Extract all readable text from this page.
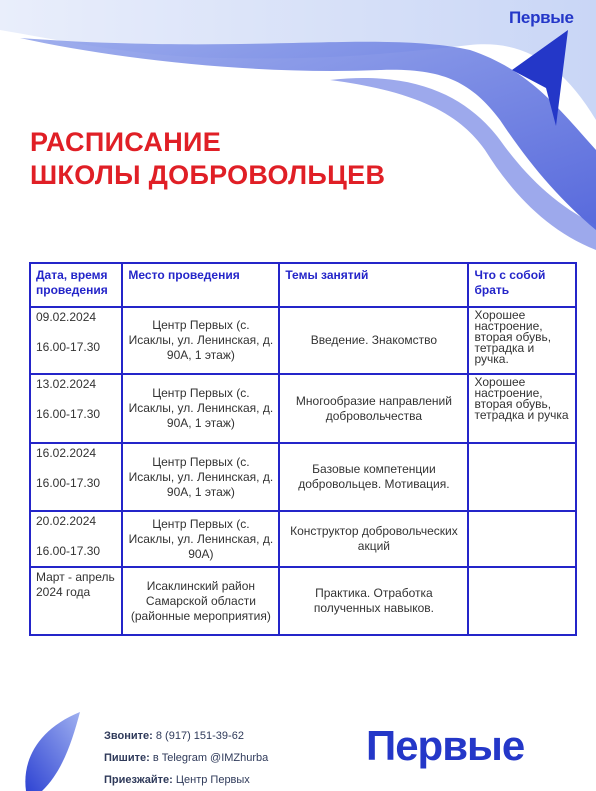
Первые
РАСПИСАНИЕ
ШКОЛЫ ДОБРОВОЛЬЦЕВ
Дата, время проведения	Место проведения	Темы занятий	Что с собой брать

09.02.2024
16.00-17.30	Центр Первых (с. Исаклы, ул. Ленинская, д. 90А, 1 этаж)	Введение. Знакомство	Хорошее настроение, вторая обувь, тетрадка и ручка.

13.02.2024
16.00-17.30	Центр Первых (с. Исаклы, ул. Ленинская, д. 90А, 1 этаж)	Многообразие направлений добровольчества	Хорошее настроение, вторая обувь, тетрадка и ручка

16.02.2024
16.00-17.30	Центр Первых (с. Исаклы, ул. Ленинская, д. 90А, 1 этаж)	Базовые компетенции добровольцев. Мотивация.	

20.02.2024
16.00-17.30	Центр Первых (с. Исаклы, ул. Ленинская, д. 90А)	Конструктор добровольческих акций	

Март - апрель 2024 года	Исаклинский район Самарской области (районные мероприятия)	Практика. Отработка полученных навыков.	
Звоните: 8 (917) 151-39-62
Пишите: в Telegram @IMZhurba
Приезжайте: Центр Первых
Первые
